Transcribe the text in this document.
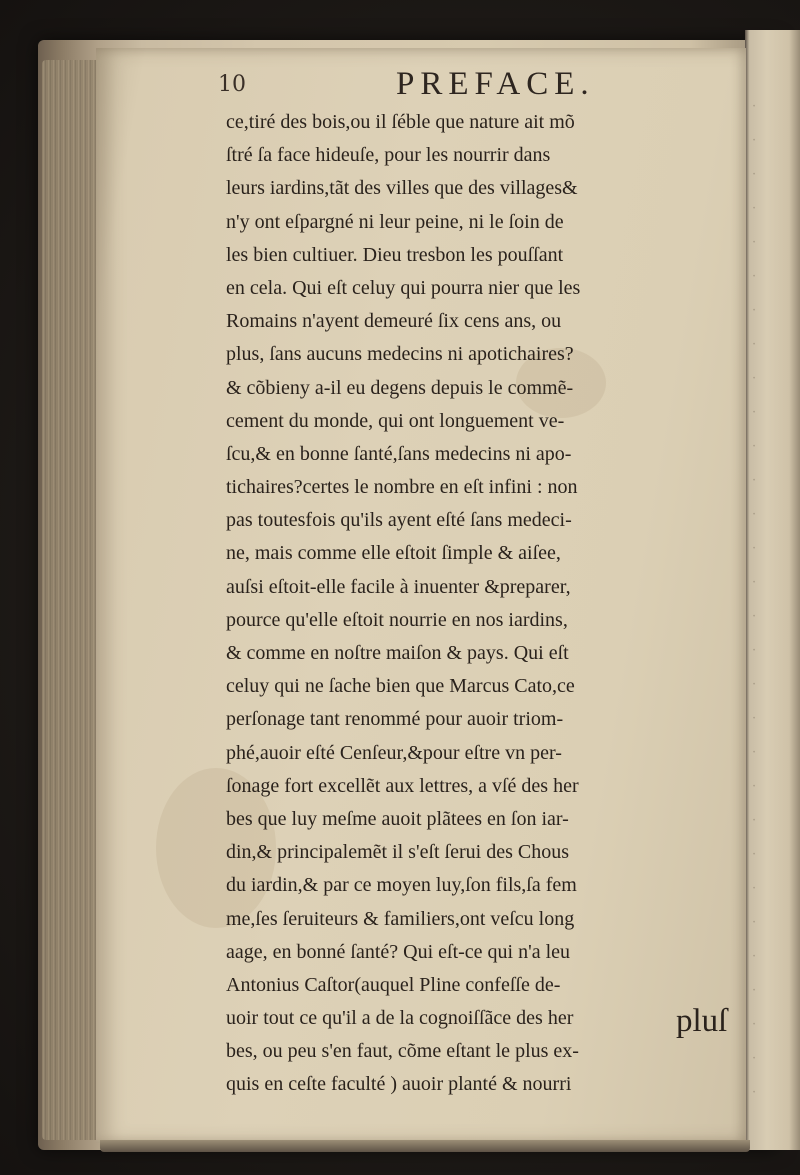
·
·
·
·
·
·
·
·
·
·
·
·
·
·
·
·
·
·
·
·
·
·
·
·
·
·
·
·
·
·
10	PREFACE.
ce,tiré des bois,ou il ſéble que nature ait mõ
ſtré ſa face hideuſe, pour les nourrir dans
leurs iardins,tãt des villes que des villages&
n'y ont eſpargné ni leur peine, ni le ſoin de
les bien cultiuer. Dieu tresbon les pouſſant
en cela. Qui eſt celuy qui pourra nier que les
Romains n'ayent demeuré ſix cens ans, ou
plus, ſans aucuns medecins ni apotichaires?
& cõbieny a-il eu degens depuis le commẽ-
cement du monde, qui ont longuement ve-
ſcu,& en bonne ſanté,ſans medecins ni apo-
tichaires?certes le nombre en eſt infini : non
pas toutesfois qu'ils ayent eſté ſans medeci-
ne, mais comme elle eſtoit ſimple & aiſee,
auſsi eſtoit-elle facile à inuenter &preparer,
pource qu'elle eſtoit nourrie en nos iardins,
& comme en noſtre maiſon & pays. Qui eſt
celuy qui ne ſache bien que Marcus Cato,ce
perſonage tant renommé pour auoir triom-
phé,auoir eſté Cenſeur,&pour eſtre vn per-
ſonage fort excellẽt aux lettres, a vſé des her
bes que luy meſme auoit plãtees en ſon iar-
din,& principalemẽt il s'eſt ſerui des Chous
du iardin,& par ce moyen luy,ſon fils,ſa fem
me,ſes ſeruiteurs & familiers,ont veſcu long
aage, en bonné ſanté? Qui eſt-ce qui n'a leu
Antonius Caſtor(auquel Pline confeſſe de-
uoir tout ce qu'il a de la cognoiſſãce des her
bes, ou peu s'en faut, cõme eſtant le plus ex-
quis en ceſte faculté ) auoir planté & nourri
pluſ
